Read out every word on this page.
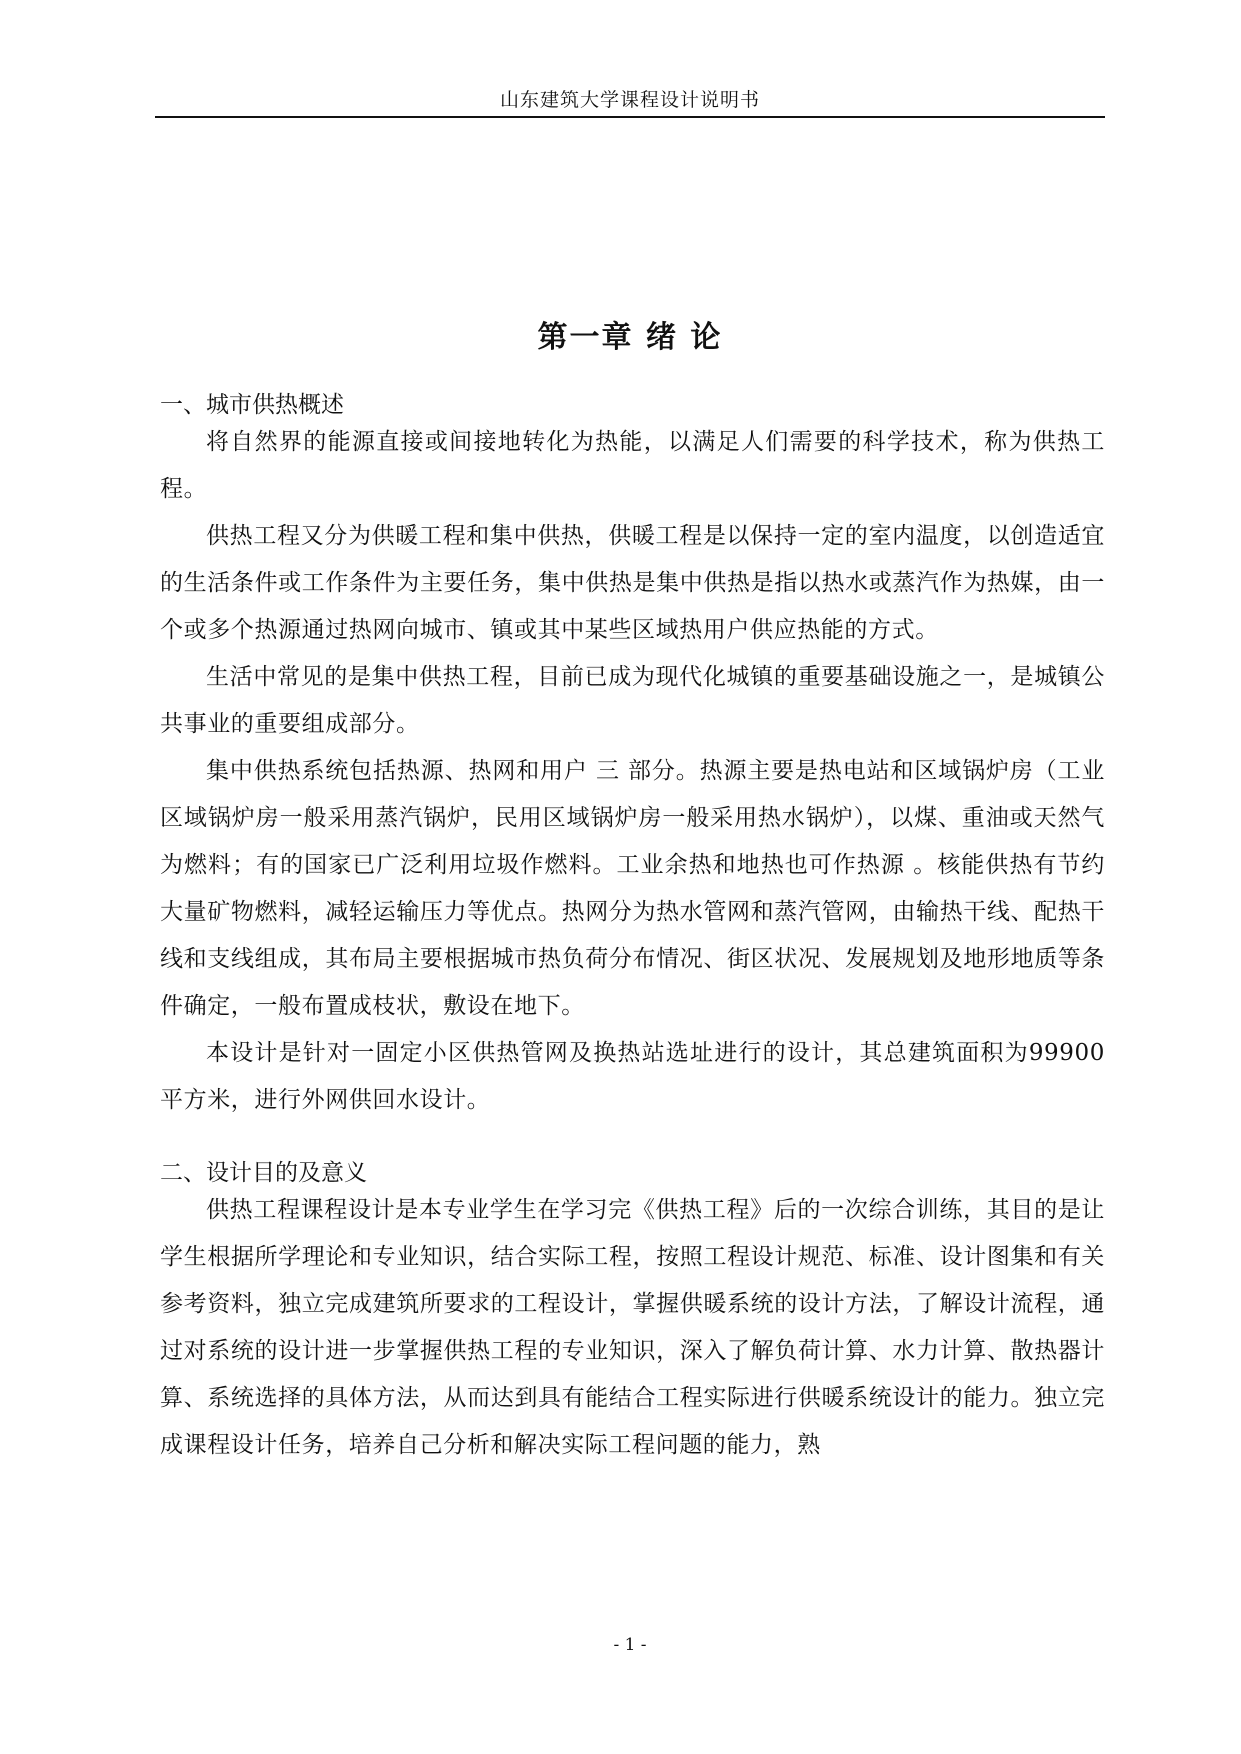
山东建筑大学课程设计说明书
第一章 绪 论
一、城市供热概述

将自然界的能源直接或间接地转化为热能，以满足人们需要的科学技术，称为供热工程。

供热工程又分为供暖工程和集中供热，供暖工程是以保持一定的室内温度，以创造适宜的生活条件或工作条件为主要任务，集中供热是集中供热是指以热水或蒸汽作为热媒，由一个或多个热源通过热网向城市、镇或其中某些区域热用户供应热能的方式。

生活中常见的是集中供热工程，目前已成为现代化城镇的重要基础设施之一，是城镇公共事业的重要组成部分。

集中供热系统包括热源、热网和用户 三 部分。热源主要是热电站和区域锅炉房（工业区域锅炉房一般采用蒸汽锅炉，民用区域锅炉房一般采用热水锅炉），以煤、重油或天然气为燃料；有的国家已广泛利用垃圾作燃料。工业余热和地热也可作热源 。核能供热有节约大量矿物燃料，减轻运输压力等优点。热网分为热水管网和蒸汽管网，由输热干线、配热干线和支线组成，其布局主要根据城市热负荷分布情况、街区状况、发展规划及地形地质等条件确定，一般布置成枝状，敷设在地下。

本设计是针对一固定小区供热管网及换热站选址进行的设计，其总建筑面积为99900 平方米，进行外网供回水设计。

二、设计目的及意义

供热工程课程设计是本专业学生在学习完《供热工程》后的一次综合训练，其目的是让学生根据所学理论和专业知识，结合实际工程，按照工程设计规范、标准、设计图集和有关参考资料，独立完成建筑所要求的工程设计，掌握供暖系统的设计方法，了解设计流程，通过对系统的设计进一步掌握供热工程的专业知识，深入了解负荷计算、水力计算、散热器计算、系统选择的具体方法，从而达到具有能结合工程实际进行供暖系统设计的能力。独立完成课程设计任务，培养自己分析和解决实际工程问题的能力，熟

- 1 -
